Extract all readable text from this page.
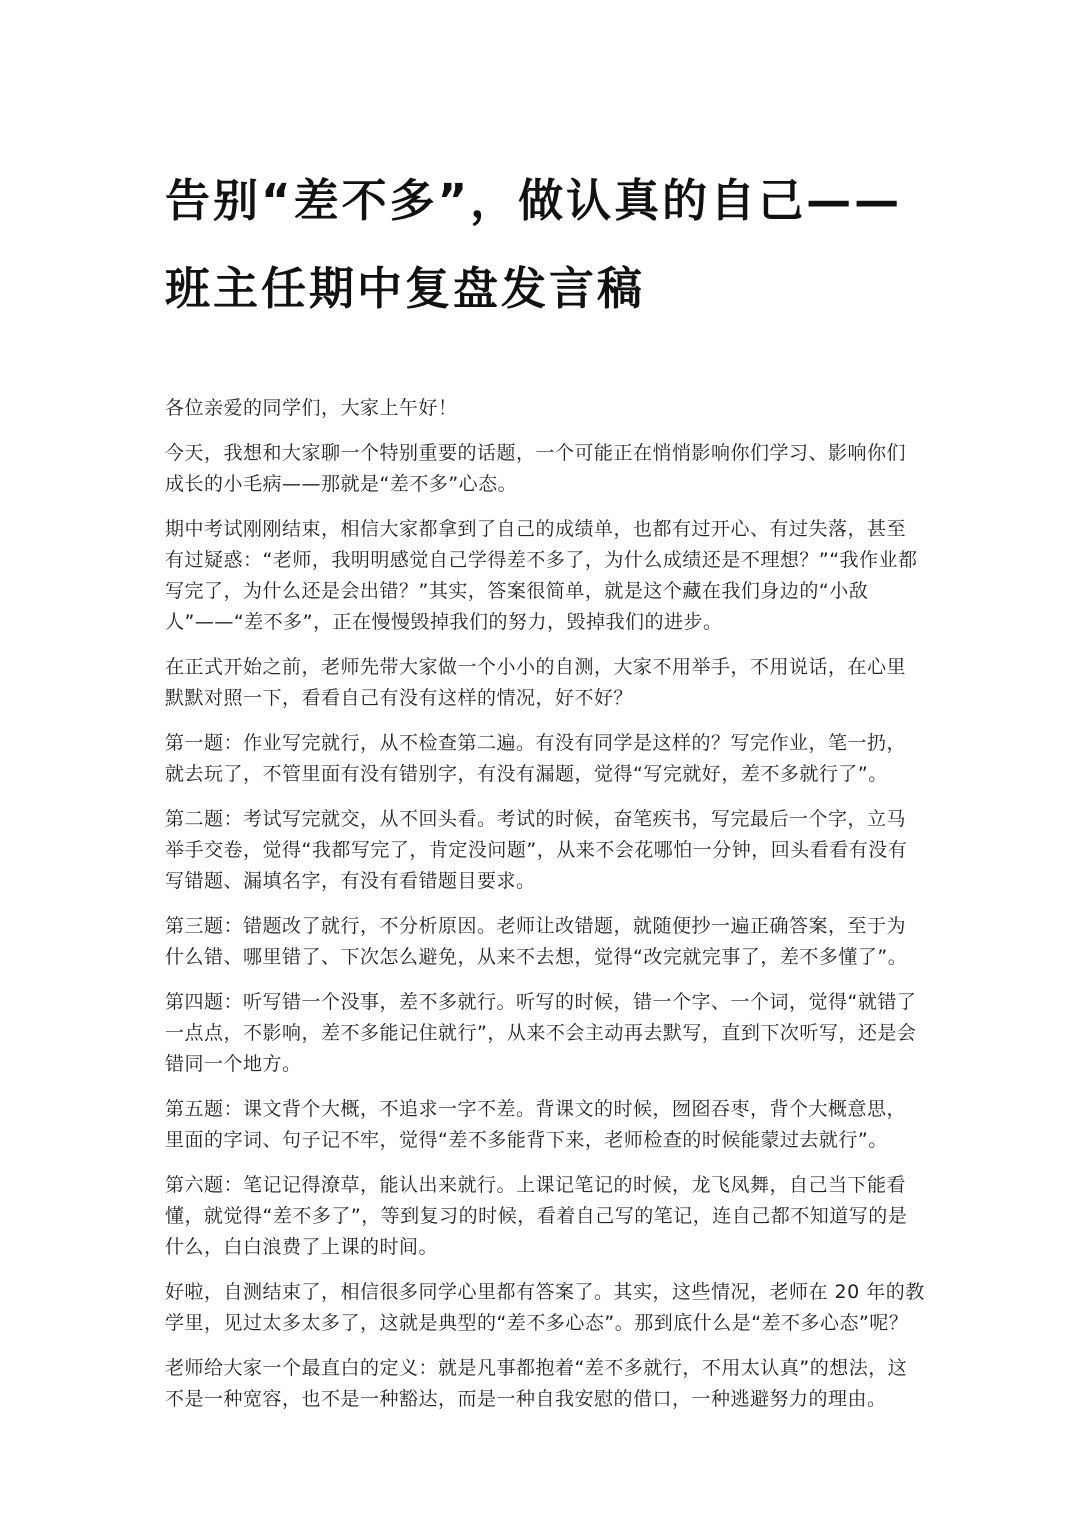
告别“差不多”，做认真的自己——
班主任期中复盘发言稿

各位亲爱的同学们，大家上午好！

今天，我想和大家聊一个特别重要的话题，一个可能正在悄悄影响你们学习、影响你们成长的小毛病——那就是“差不多”心态。

期中考试刚刚结束，相信大家都拿到了自己的成绩单，也都有过开心、有过失落，甚至有过疑惑：“老师，我明明感觉自己学得差不多了，为什么成绩还是不理想？”“我作业都写完了，为什么还是会出错？”其实，答案很简单，就是这个藏在我们身边的“小敌人”——“差不多”，正在慢慢毁掉我们的努力，毁掉我们的进步。

在正式开始之前，老师先带大家做一个小小的自测，大家不用举手，不用说话，在心里默默对照一下，看看自己有没有这样的情况，好不好？

第一题：作业写完就行，从不检查第二遍。有没有同学是这样的？写完作业，笔一扔，就去玩了，不管里面有没有错别字，有没有漏题，觉得“写完就好，差不多就行了”。

第二题：考试写完就交，从不回头看。考试的时候，奋笔疾书，写完最后一个字，立马举手交卷，觉得“我都写完了，肯定没问题”，从来不会花哪怕一分钟，回头看看有没有写错题、漏填名字，有没有看错题目要求。

第三题：错题改了就行，不分析原因。老师让改错题，就随便抄一遍正确答案，至于为什么错、哪里错了、下次怎么避免，从来不去想，觉得“改完就完事了，差不多懂了”。

第四题：听写错一个没事，差不多就行。听写的时候，错一个字、一个词，觉得“就错了一点点，不影响，差不多能记住就行”，从来不会主动再去默写，直到下次听写，还是会错同一个地方。

第五题：课文背个大概，不追求一字不差。背课文的时候，囫囵吞枣，背个大概意思，里面的字词、句子记不牢，觉得“差不多能背下来，老师检查的时候能蒙过去就行”。

第六题：笔记记得潦草，能认出来就行。上课记笔记的时候，龙飞凤舞，自己当下能看懂，就觉得“差不多了”，等到复习的时候，看着自己写的笔记，连自己都不知道写的是什么，白白浪费了上课的时间。

好啦，自测结束了，相信很多同学心里都有答案了。其实，这些情况，老师在 20 年的教学里，见过太多太多了，这就是典型的“差不多心态”。那到底什么是“差不多心态”呢？

老师给大家一个最直白的定义：就是凡事都抱着“差不多就行，不用太认真”的想法，这不是一种宽容，也不是一种豁达，而是一种自我安慰的借口，一种逃避努力的理由。
